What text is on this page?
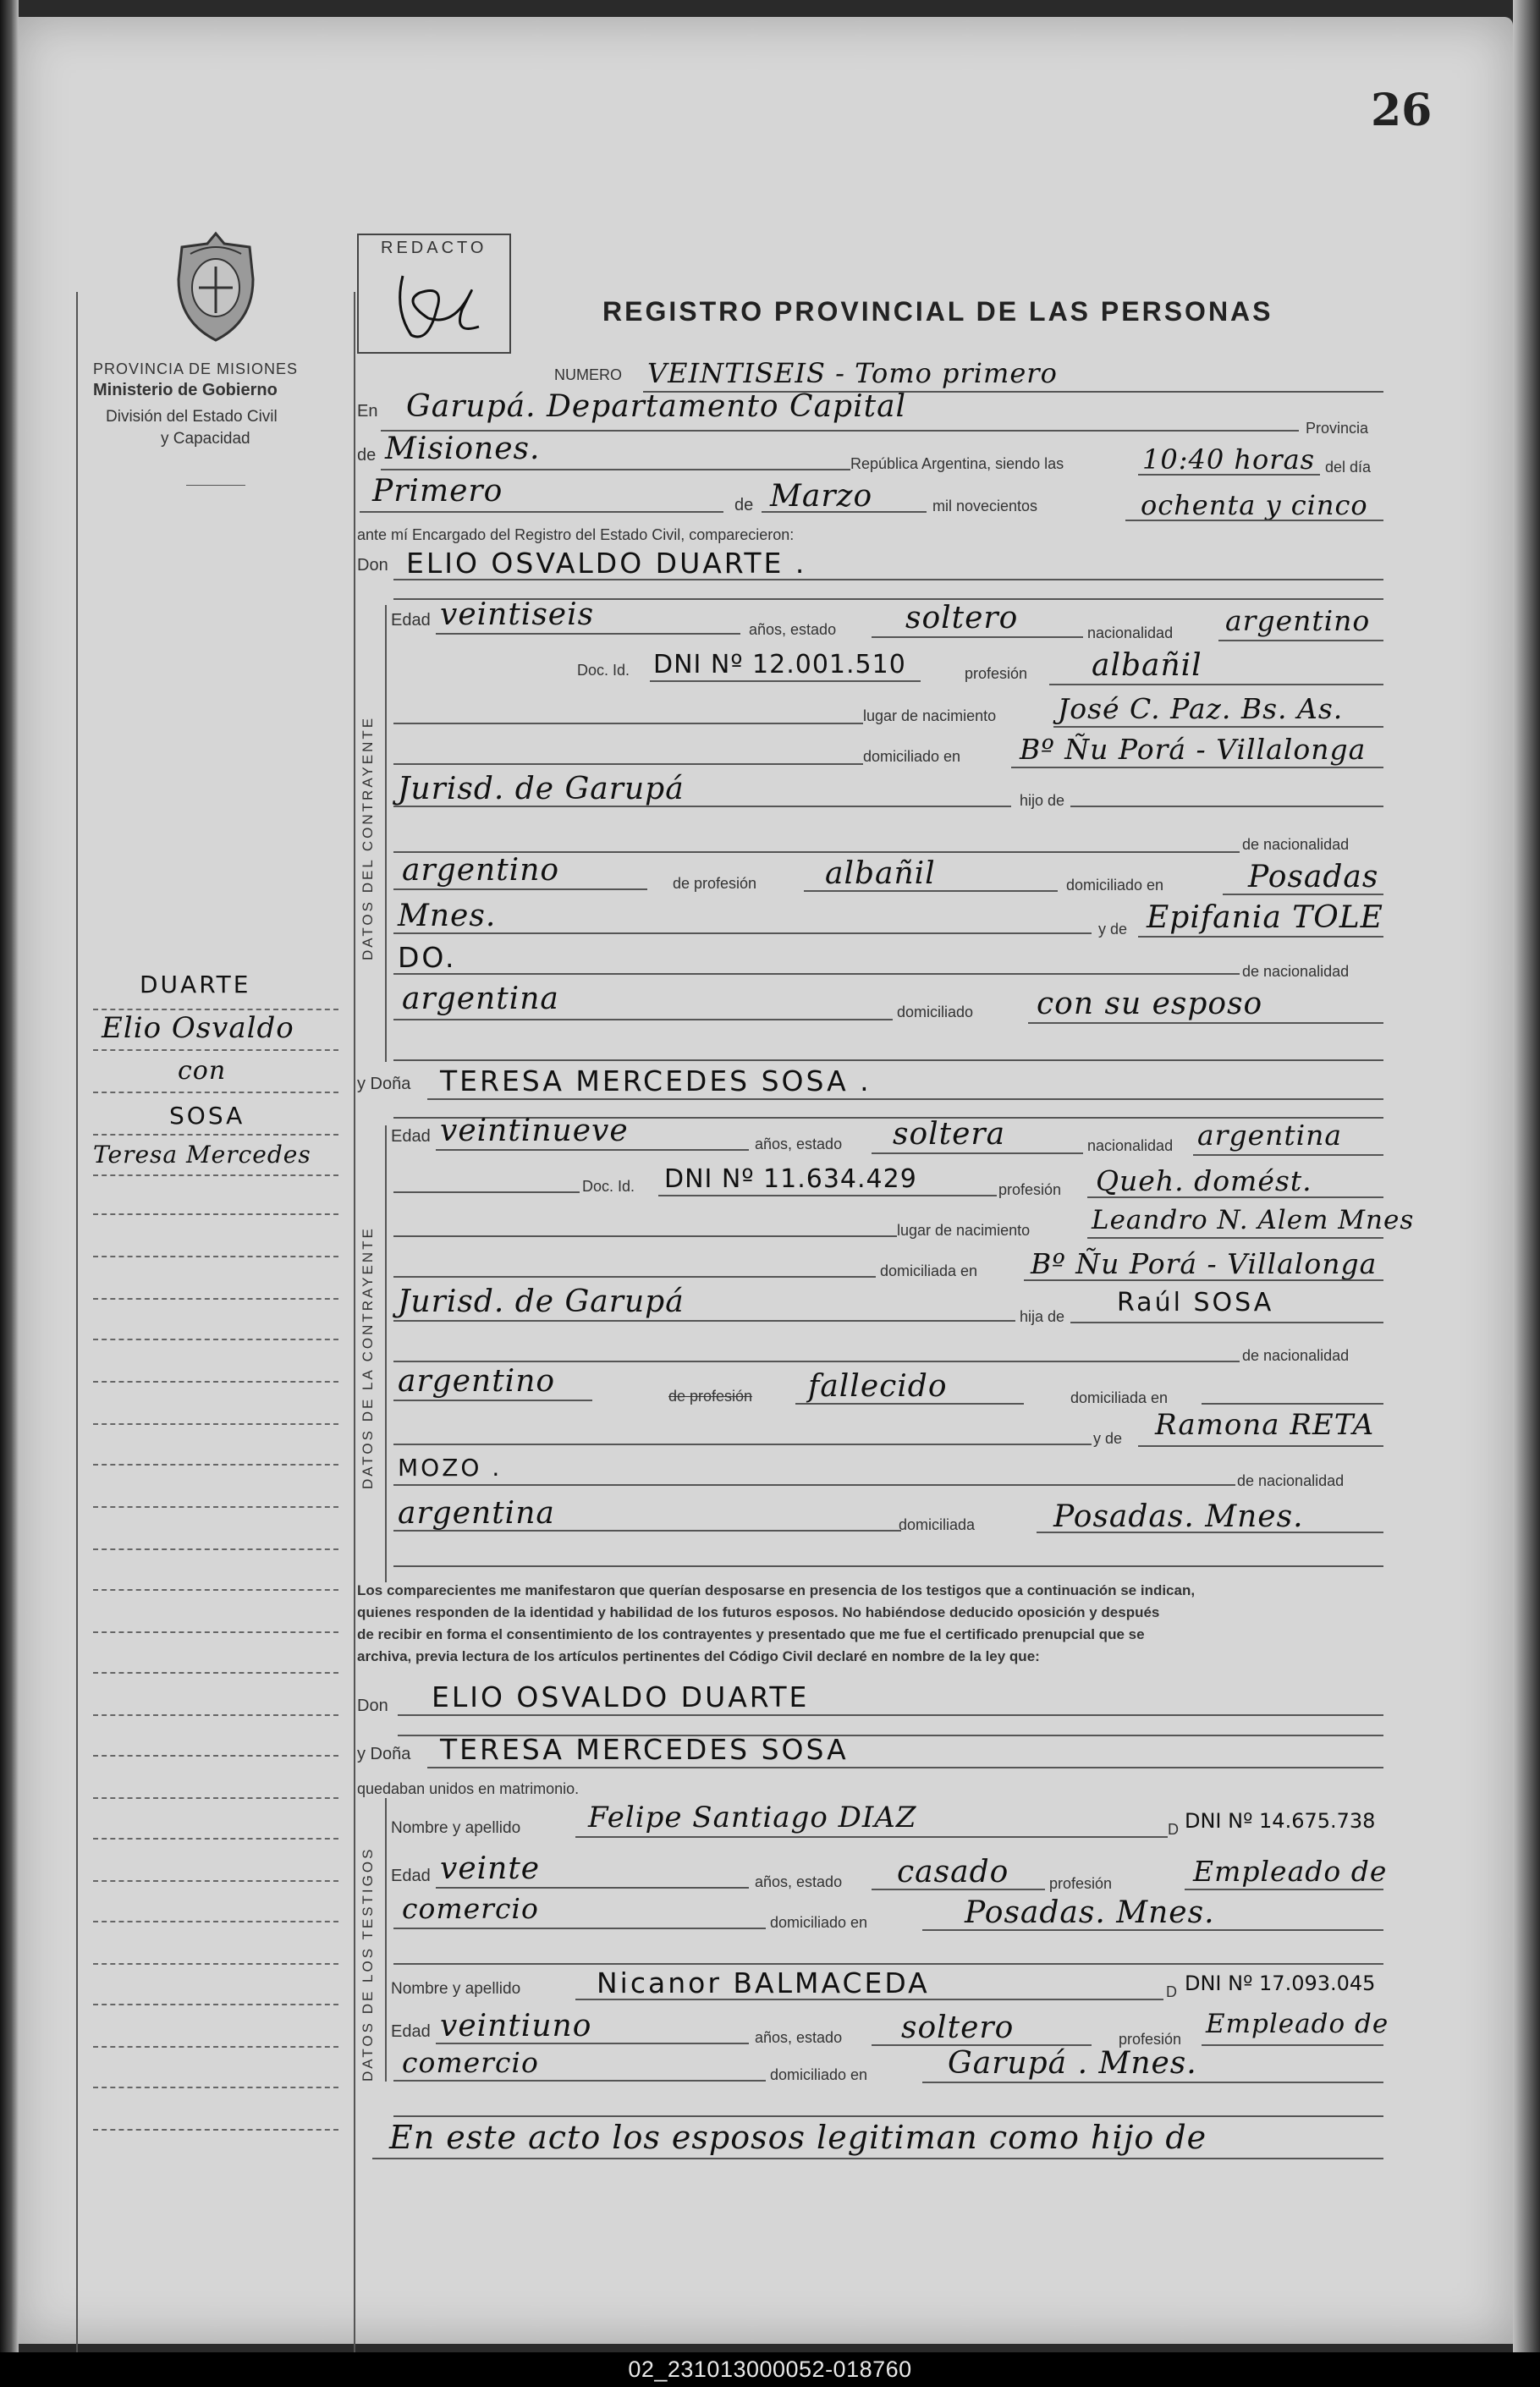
26
PROVINCIA DE MISIONES
Ministerio de Gobierno
División del Estado Civil
y Capacidad
REDACTO
DUARTE
Elio Osvaldo
con
SOSA
Teresa Mercedes
REGISTRO PROVINCIAL DE LAS PERSONAS
NUMERO VEINTISEIS - Tomo primero
En Garupá. Departamento Capital
Provincia
de Misiones.	República Argentina, siendo las	10:40 horas del día
Primero	de Marzo	mil novecientos	ochenta y cinco
ante mí Encargado del Registro del Estado Civil, comparecieron:
Don ELIO OSVALDO DUARTE .
DATOS DEL CONTRAYENTE
Edad veintiseis	años, estado soltero	nacionalidad argentino
Doc. Id. DNI Nº 12.001.510	profesión albañil
lugar de nacimiento José C. Paz. Bs. As.
domiciliado en Bº Ñu Porá - Villalonga
Jurisd. de Garupá	hijo de
de nacionalidad
argentino	de profesión albañil	domiciliado en	Posadas
Mnes.	y de Epifania TOLE
DO.	de nacionalidad
argentina	domiciliado con su esposo
y Doña TERESA MERCEDES SOSA .
DATOS DE LA CONTRAYENTE
Edad veintinueve	años, estado soltera	nacionalidad argentina
Doc. Id. DNI Nº 11.634.429	profesión Queh. domést.
lugar de nacimiento Leandro N. Alem Mnes
domiciliada en Bº Ñu Porá - Villalonga
Jurisd. de Garupá	hija de Raúl SOSA
de nacionalidad
argentino	de profesión fallecido	domiciliada en
y de Ramona RETA
MOZO .	de nacionalidad
argentina	domiciliada	Posadas. Mnes.
Los comparecientes me manifestaron que querían desposarse en presencia de los testigos que a continuación se indican,
quienes responden de la identidad y habilidad de los futuros esposos. No habiéndose deducido oposición y después
de recibir en forma el consentimiento de los contrayentes y presentado que me fue el certificado prenupcial que se
archiva, previa lectura de los artículos pertinentes del Código Civil declaré en nombre de la ley que:
Don ELIO OSVALDO DUARTE
y Doña TERESA MERCEDES SOSA
quedaban unidos en matrimonio.
DATOS DE LOS TESTIGOS
Nombre y apellido Felipe Santiago DIAZ	D DNI Nº 14.675.738
Edad veinte	años, estado casado	profesión	Empleado de
comercio	domiciliado en	Posadas. Mnes.
Nombre y apellido	Nicanor BALMACEDA	D DNI Nº 17.093.045
Edad veintiuno	años, estado soltero	profesión Empleado de
comercio	domiciliado en	Garupá . Mnes.
En este acto los esposos legitiman como hijo de
02_231013000052-018760
